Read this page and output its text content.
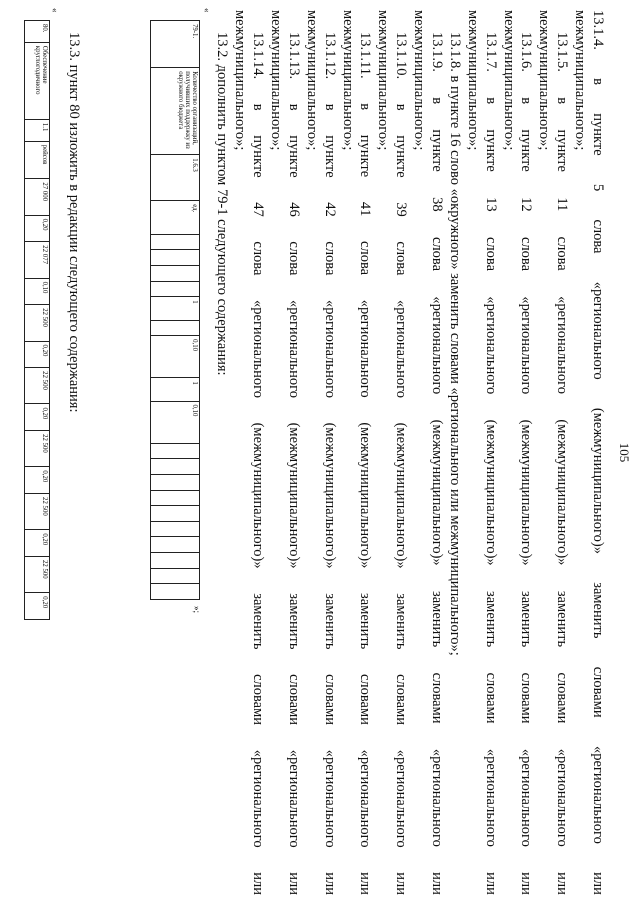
105
13.1.4.
в
пункте
5
слова
«регионального
(межмуниципального)»
заменить
словами
«регионального
или
межмуниципального»;
13.1.5.
в
пункте
11
слова
«регионального
(межмуниципального)»
заменить
словами
«регионального
или
межмуниципального»;
13.1.6.
в
пункте
12
слова
«регионального
(межмуниципального)»
заменить
словами
«регионального
или
межмуниципального»;
13.1.7.
в
пункте
13
слова
«регионального
(межмуниципального)»
заменить
словами
«регионального
или
межмуниципального»;
13.1.8. в пункте 16 слово «окружного» заменить словами «регионального или межмуниципального»;
13.1.9.
в
пункте
38
слова
«регионального
(межмуниципального)»
заменить
словами
«регионального
или
межмуниципального»;
13.1.10.
в
пункте
39
слова
«регионального
(межмуниципального)»
заменить
словами
«регионального
или
межмуниципального»;
13.1.11.
в
пункте
41
слова
«регионального
(межмуниципального)»
заменить
словами
«регионального
или
межмуниципального»;
13.1.12.
в
пункте
42
слова
«регионального
(межмуниципального)»
заменить
словами
«регионального
или
межмуниципального»;
13.1.13.
в
пункте
46
слова
«регионального
(межмуниципального)»
заменить
словами
«регионального
или
межмуниципального»;
13.1.14.
в
пункте
47
слова
«регионального
(межмуниципального)»
заменить
словами
«регионального
или
межмуниципального»;
13.2. дополнить пунктом 79-1 следующего содержания:
«
79-1.	Количество организаций, получивших поддержку из окружного бюджета	1.6.3	ед.					1		0,10	1	0,10										
»;
13.3. пункт 80 изложить в редакции следующего содержания:
«
80.	Обеспечение круглогодичного	1.1	рейсов	27 000	0,20	22 077	0,10	22 500	0,20	22 500	0,20	22 500	0,20	22 500	0,20	22 500	0,20
